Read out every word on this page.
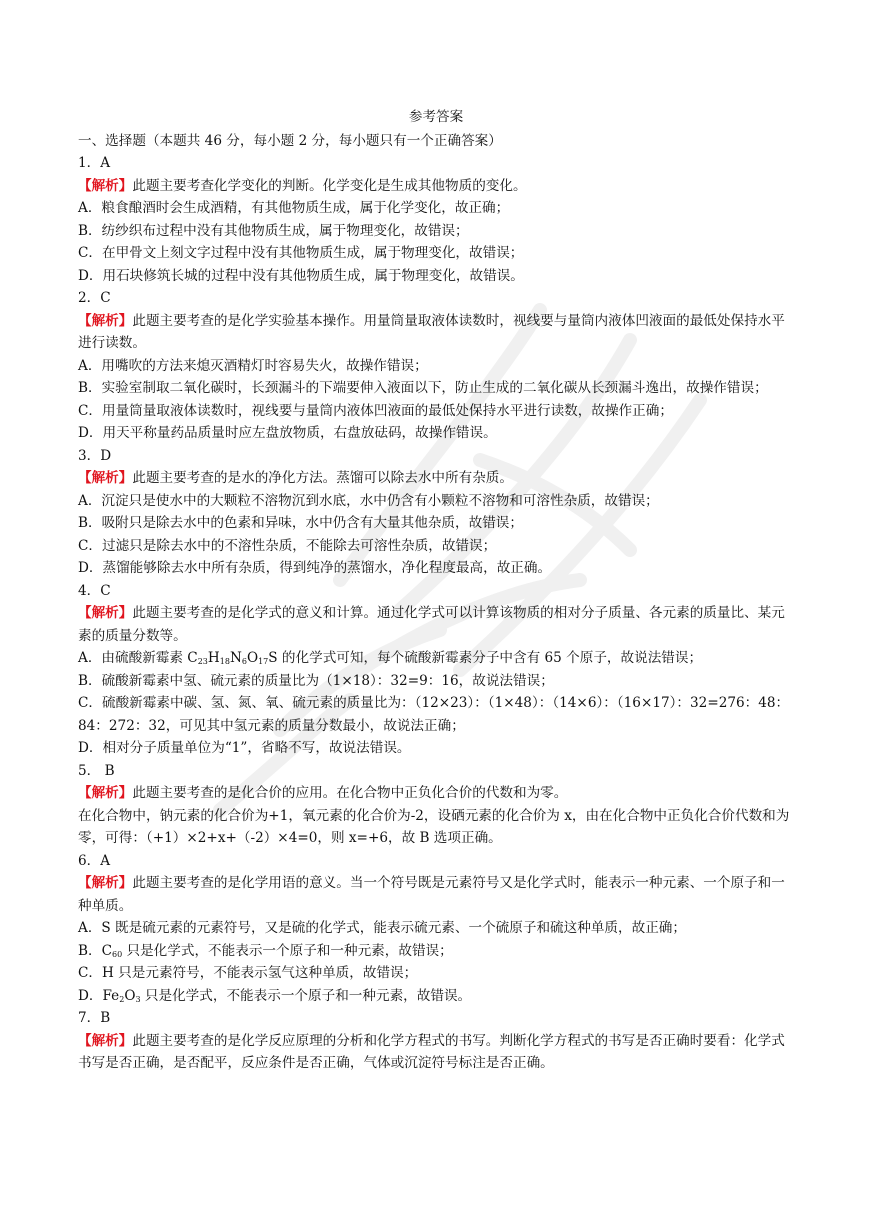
参考答案
一、选择题（本题共 46 分，每小题 2 分，每小题只有一个正确答案）
1．A
【解析】此题主要考查化学变化的判断。化学变化是生成其他物质的变化。
A．粮食酿酒时会生成酒精，有其他物质生成，属于化学变化，故正确；
B．纺纱织布过程中没有其他物质生成，属于物理变化，故错误；
C．在甲骨文上刻文字过程中没有其他物质生成，属于物理变化，故错误；
D．用石块修筑长城的过程中没有其他物质生成，属于物理变化，故错误。
2．C
【解析】此题主要考查的是化学实验基本操作。用量筒量取液体读数时，视线要与量筒内液体凹液面的最低处保持水平进行读数。
A．用嘴吹的方法来熄灭酒精灯时容易失火，故操作错误；
B．实验室制取二氧化碳时，长颈漏斗的下端要伸入液面以下，防止生成的二氧化碳从长颈漏斗逸出，故操作错误；
C．用量筒量取液体读数时，视线要与量筒内液体凹液面的最低处保持水平进行读数，故操作正确；
D．用天平称量药品质量时应左盘放物质，右盘放砝码，故操作错误。
3．D
【解析】此题主要考查的是水的净化方法。蒸馏可以除去水中所有杂质。
A．沉淀只是使水中的大颗粒不溶物沉到水底，水中仍含有小颗粒不溶物和可溶性杂质，故错误；
B．吸附只是除去水中的色素和异味，水中仍含有大量其他杂质，故错误；
C．过滤只是除去水中的不溶性杂质，不能除去可溶性杂质，故错误；
D．蒸馏能够除去水中所有杂质，得到纯净的蒸馏水，净化程度最高，故正确。
4．C
【解析】此题主要考查的是化学式的意义和计算。通过化学式可以计算该物质的相对分子质量、各元素的质量比、某元素的质量分数等。
A．由硫酸新霉素 $C_{23}H_{18}N_6O_{17}S$ 的化学式可知，每个硫酸新霉素分子中含有 65 个原子，故说法错误；
B．硫酸新霉素中氢、硫元素的质量比为（1×18）：32=9：16，故说法错误；
C．硫酸新霉素中碳、氢、氮、氧、硫元素的质量比为：（12×23）：（1×48）：（14×6）：（16×17）：32=276：48：84：272：32，可见其中氢元素的质量分数最小，故说法正确；
D．相对分子质量单位为“1”，省略不写，故说法错误。
5． B
【解析】此题主要考查的是化合价的应用。在化合物中正负化合价的代数和为零。
在化合物中，钠元素的化合价为+1，氧元素的化合价为-2，设硒元素的化合价为 x，由在化合物中正负化合价代数和为零，可得：（+1）×2+x+（-2）×4=0，则 x=+6，故 B 选项正确。
6．A
【解析】此题主要考查的是化学用语的意义。当一个符号既是元素符号又是化学式时，能表示一种元素、一个原子和一种单质。
A．S 既是硫元素的元素符号，又是硫的化学式，能表示硫元素、一个硫原子和硫这种单质，故正确；
B．$C_{60}$ 只是化学式，不能表示一个原子和一种元素，故错误；
C．H 只是元素符号，不能表示氢气这种单质，故错误；
D．$Fe_2O_3$ 只是化学式，不能表示一个原子和一种元素，故错误。
7．B
【解析】此题主要考查的是化学反应原理的分析和化学方程式的书写。判断化学方程式的书写是否正确时要看：化学式书写是否正确，是否配平，反应条件是否正确，气体或沉淀符号标注是否正确。
